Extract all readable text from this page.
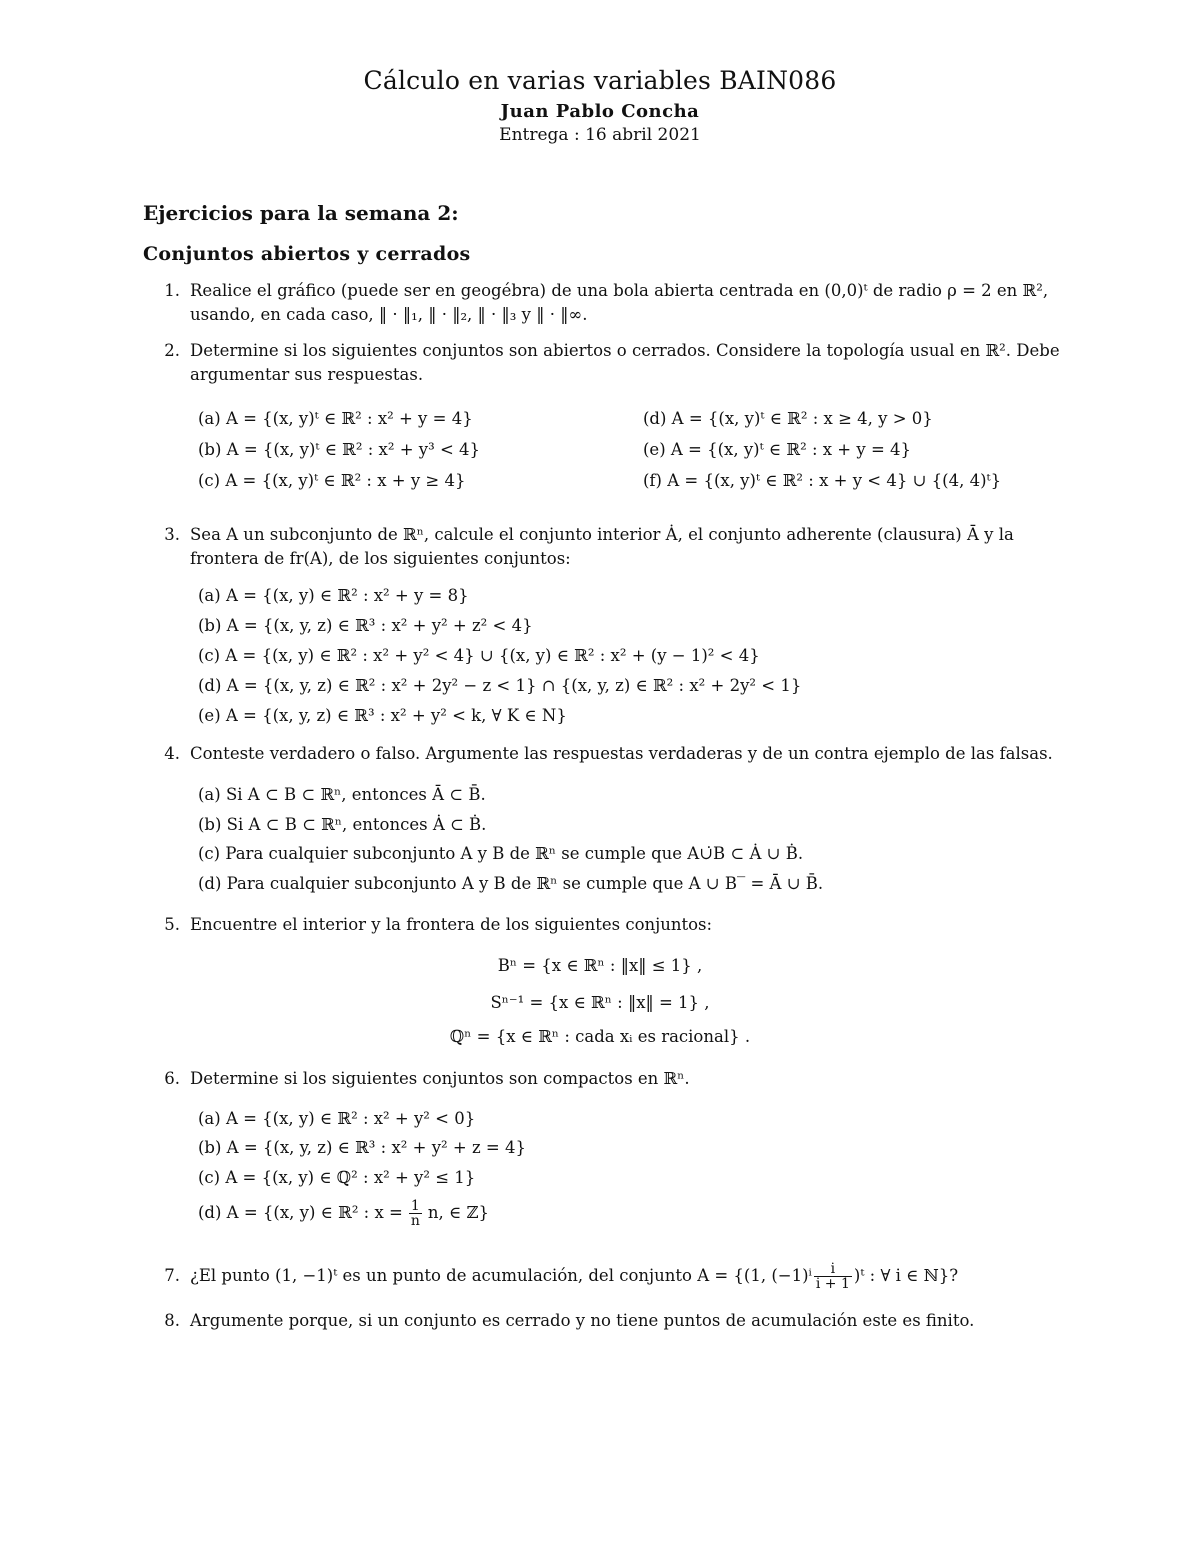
Cálculo en varias variables BAIN086
Juan Pablo Concha
Entrega : 16 abril 2021
Ejercicios para la semana 2:
Conjuntos abiertos y cerrados
1. Realice el gráfico (puede ser en geogébra) de una bola abierta centrada en (0,0)ᵗ de radio ρ = 2 en ℝ²,
usando, en cada caso, ‖ · ‖₁, ‖ · ‖₂, ‖ · ‖₃ y ‖ · ‖∞.
2. Determine si los siguientes conjuntos son abiertos o cerrados. Considere la topología usual en ℝ². Debe
argumentar sus respuestas.
(a) A = {(x, y)ᵗ ∈ ℝ² : x² + y = 4}
(b) A = {(x, y)ᵗ ∈ ℝ² : x² + y³ < 4}
(c) A = {(x, y)ᵗ ∈ ℝ² : x + y ≥ 4}
(d) A = {(x, y)ᵗ ∈ ℝ² : x ≥ 4, y > 0}
(e) A = {(x, y)ᵗ ∈ ℝ² : x + y = 4}
(f) A = {(x, y)ᵗ ∈ ℝ² : x + y < 4} ∪ {(4, 4)ᵗ}
3. Sea A un subconjunto de ℝⁿ, calcule el conjunto interior Ȧ, el conjunto adherente (clausura) Ā y la
frontera de fr(A), de los siguientes conjuntos:
(a) A = {(x, y) ∈ ℝ² : x² + y = 8}
(b) A = {(x, y, z) ∈ ℝ³ : x² + y² + z² < 4}
(c) A = {(x, y) ∈ ℝ² : x² + y² < 4} ∪ {(x, y) ∈ ℝ² : x² + (y − 1)² < 4}
(d) A = {(x, y, z) ∈ ℝ² : x² + 2y² − z < 1} ∩ {(x, y, z) ∈ ℝ² : x² + 2y² < 1}
(e) A = {(x, y, z) ∈ ℝ³ : x² + y² < k, ∀ K ∈ N}
4. Conteste verdadero o falso. Argumente las respuestas verdaderas y de un contra ejemplo de las falsas.
(a) Si A ⊂ B ⊂ ℝⁿ, entonces Ā ⊂ B̄.
(b) Si A ⊂ B ⊂ ℝⁿ, entonces Ȧ ⊂ Ḃ.
(c) Para cualquier subconjunto A y B de ℝⁿ se cumple que A∪̇B ⊂ Ȧ ∪ Ḃ.
(d) Para cualquier subconjunto A y B de ℝⁿ se cumple que A ∪ B‾ = Ā ∪ B̄.
5. Encuentre el interior y la frontera de los siguientes conjuntos:
Bⁿ = {x ∈ ℝⁿ : ‖x‖ ≤ 1} ,
Sⁿ⁻¹ = {x ∈ ℝⁿ : ‖x‖ = 1} ,
ℚⁿ = {x ∈ ℝⁿ : cada xᵢ es racional} .
6. Determine si los siguientes conjuntos son compactos en ℝⁿ.
(a) A = {(x, y) ∈ ℝ² : x² + y² < 0}
(b) A = {(x, y, z) ∈ ℝ³ : x² + y² + z = 4}
(c) A = {(x, y) ∈ ℚ² : x² + y² ≤ 1}
(d) A = {(x, y) ∈ ℝ² : $x = \frac{1}{n} n$, ∈ ℤ}
7. ¿El punto (1, −1)ᵗ es un punto de acumulación, del conjunto A = {(1, $(-1)^i \frac{i}{i + 1}$ )ᵗ : ∀ i ∈ ℕ}?
8. Argumente porque, si un conjunto es cerrado y no tiene puntos de acumulación este es finito.
